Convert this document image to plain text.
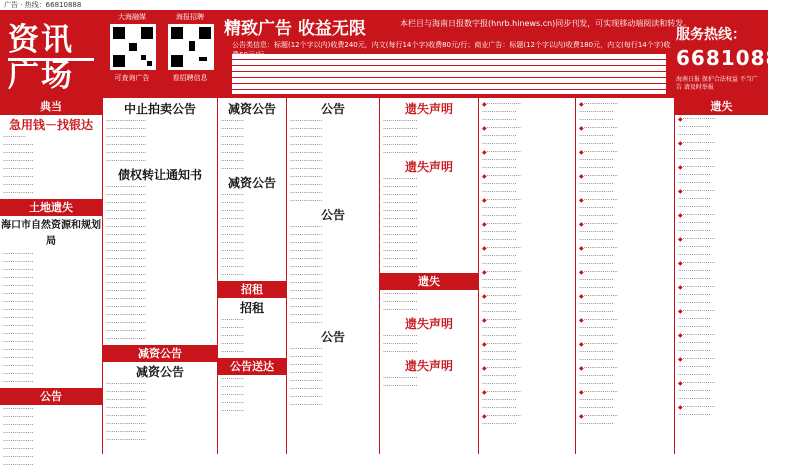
广告 · 热线：66810888
资讯
广场
大海融媒
可查询广告
海报招聘
看招聘信息
精致广告 收益无限	本栏目与海南日报数字报(hnrb.hinews.cn)同步刊发，可实现移动端阅读和转发。
公告类信息：标题(12个字以内)收费240元，内文(每行14个字)收费80元/行；商业广告：标题(12个字以内)收费180元，内文(每行14个字)收
服务热线：
66810888
海南日报 保护合法权益 不当广告 请及时举报
典当
急用钱－找银达
············
················
················
················
················
················
················
················
土地遗失
海口市自然资源和规划局
················
················
················
················
················
················
················
················
················
················
················
················
················
················
················
················
················
公告
················
················
················
················
················
················
················
················
中止拍卖公告
·····················
·····················
·····················
·····················
·····················
·····················
债权转让通知书
·····················
·····················
·····················
·····················
·····················
·····················
·····················
·····················
·····················
·····················
·····················
·····················
·····················
·····················
·····················
·····················
·····················
·····················
·····················
·····················
减资公告
减资公告
·····················
·····················
·····················
·····················
·····················
·····················
·····················
·····················
减资公告
············
············
············
············
············
············
············
减资公告
············
············
············
············
············
············
············
············
············
············
············
招租
招租
············
············
············
············
············
公告送达
············
············
············
············
············
公告
·················
·················
·················
·················
·················
·················
·················
·················
·················
·················
·················
公告
·················
·················
·················
·················
·················
·················
·················
·················
·················
·················
·················
·················
·················
公告
·················
·················
·················
·················
·················
·················
·················
·················
遗失声明
··················
··················
··················
··················
··················
遗失声明
··················
··················
··················
··················
··················
··················
··················
··················
··················
··················
··················
··················
遗失
··················
··················
··················
遗失声明
··················
··················
··················
遗失声明
··················
··················
◆··················
··················
··················
◆··················
··················
··················
◆··················
··················
··················
◆··················
··················
··················
◆··················
··················
··················
◆··················
··················
··················
◆··················
··················
··················
◆··················
··················
··················
◆··················
··················
··················
◆··················
··················
··················
◆··················
··················
··················
◆··················
··················
··················
◆··················
··················
··················
◆··················
··················
◆··················
··················
··················
◆··················
··················
··················
◆··················
··················
··················
◆··················
··················
··················
◆··················
··················
··················
◆··················
··················
··················
◆··················
··················
··················
◆··················
··················
··················
◆··················
··················
··················
◆··················
··················
··················
◆··················
··················
··················
◆··················
··················
··················
◆··················
··················
··················
◆··················
··················
遗失
◆·················
·················
·················
◆·················
·················
·················
◆·················
·················
·················
◆·················
·················
·················
◆·················
·················
·················
◆·················
·················
·················
◆·················
·················
·················
◆·················
·················
·················
◆·················
·················
·················
◆·················
·················
·················
◆·················
·················
·················
◆·················
·················
·················
◆·················
·················
